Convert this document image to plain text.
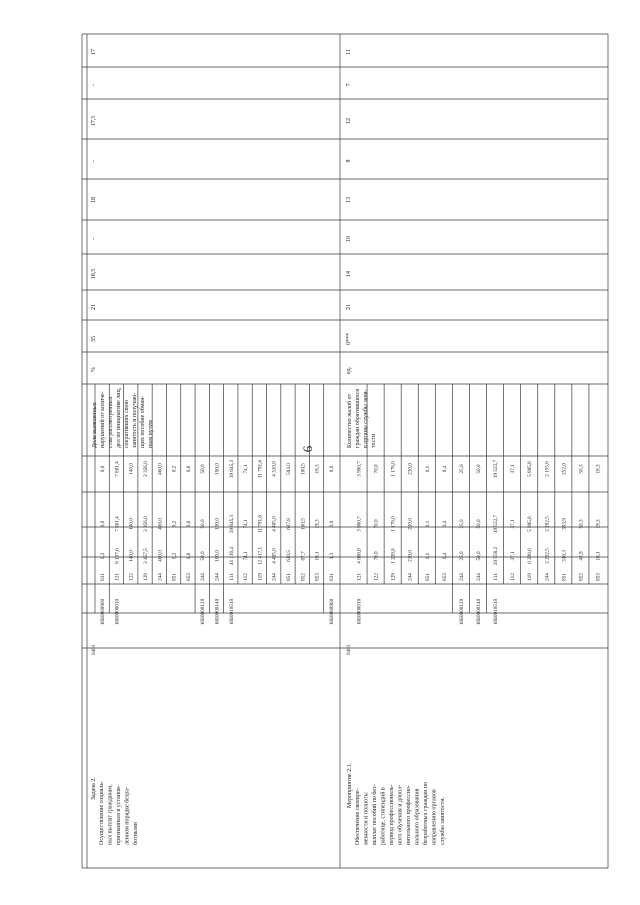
0,0
0,0
0,2
831
16Б0080960
7 801,4
7 801,4
8 137,6
121
16Б0000010
140,0
140,0
140,0
122
2 356,0
2 356,0
2 457,5
129
460,0
460,0
460,0
244
0,2
0,2
0,2
851
0,8
0,8
0,8
853
50,0
50,0
50,0
244
16Б0000120
100,0
100,0
100,0
244
16Б0000140
39 645,3
39 645,3
41 116,4
111
16Б0010510
74,1
74,1
74,1
112
11 791,6
11 791,6
12 417,1
119
4 310,0
4 405,0
4 405,0
244
504,0
607,8
620,5
851
100,5
100,5
87,7
852
19,3
19,3
18,1
853
0,0
0,0
1,3
831
16Б0080960
3 900,7
3 900,7
4 068,8
121
16Б0000010
70,0
70,0
70,0
122
1 178,0
1 178,0
1 228,8
129
230,0
230,0
230,0
244
0,1
0,1
0,1
851
0,4
0,4
0,4
853
25,0
25,0
25,0
244
16Б0000120
50,0
50,0
50,0
244
16Б0000140
19 522,7
19 522,7
20 558,2
111
16Б0010510
37,1
37,1
37,1
112
5 895,8
5 895,8
6 208,6
119
2 155,0
2 202,5
2 202,5
244
252,0
303,9
310,3
851
50,3
50,3
43,9
852
19,3
19,3
18,1
853
Задача 2. Осуществление социаль- ных выплат гражданам, признанным в установ- ленном порядке безра- ботными
0401
Доля выявленных нарушений от количе- ства рассмотренных дел по инициативе лиц, сокративших свою занятость и получаю- щих пособие обман- ным путем
%
35
21
18,5
-
18
-
17,5
-
17
Мероприятие 2.1.
Обеспечение своевре- менности и полноты выплат пособий по без- работице, стипендий в период профессиональ- ного обучения и допол- нительного профессио- нального образования безработных граждан по направлению органов службы занятости.
0401
Количество жалоб от граждан обратившихся в органы службы заня- тости
ед.
0***
21
14
10
13
8
12
7
11
6
